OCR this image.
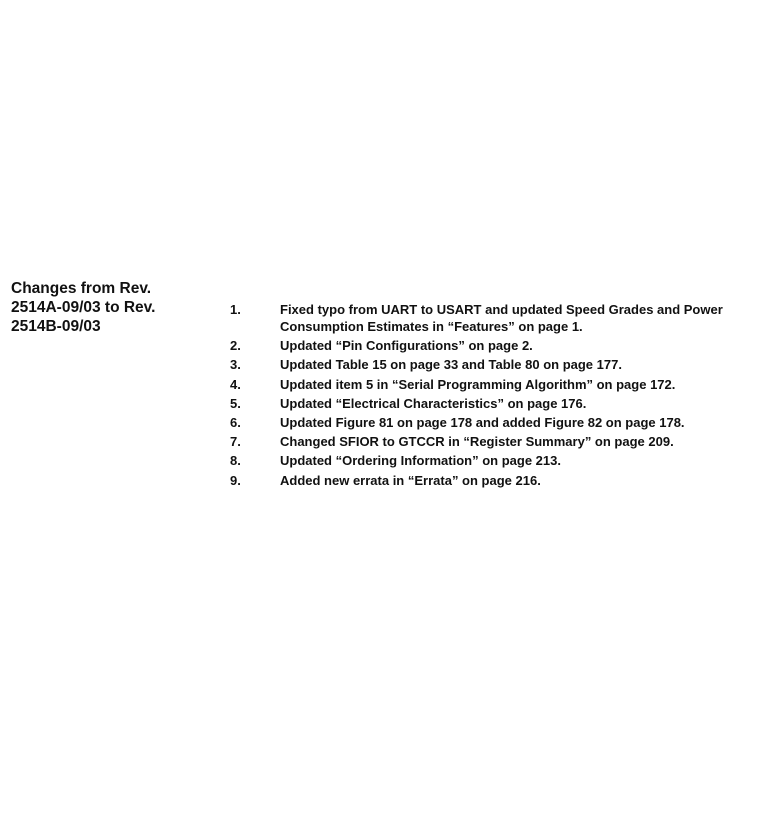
Changes from Rev.
2514A-09/03 to Rev.
2514B-09/03
1.	Fixed typo from UART to USART and updated Speed Grades and Power Consumption Estimates in “Features” on page 1.
2.	Updated “Pin Configurations” on page 2.
3.	Updated Table 15 on page 33 and Table 80 on page 177.
4.	Updated item 5 in “Serial Programming Algorithm” on page 172.
5.	Updated “Electrical Characteristics” on page 176.
6.	Updated Figure 81 on page 178 and added Figure 82 on page 178.
7.	Changed SFIOR to GTCCR in “Register Summary” on page 209.
8.	Updated “Ordering Information” on page 213.
9.	Added new errata in “Errata” on page 216.
